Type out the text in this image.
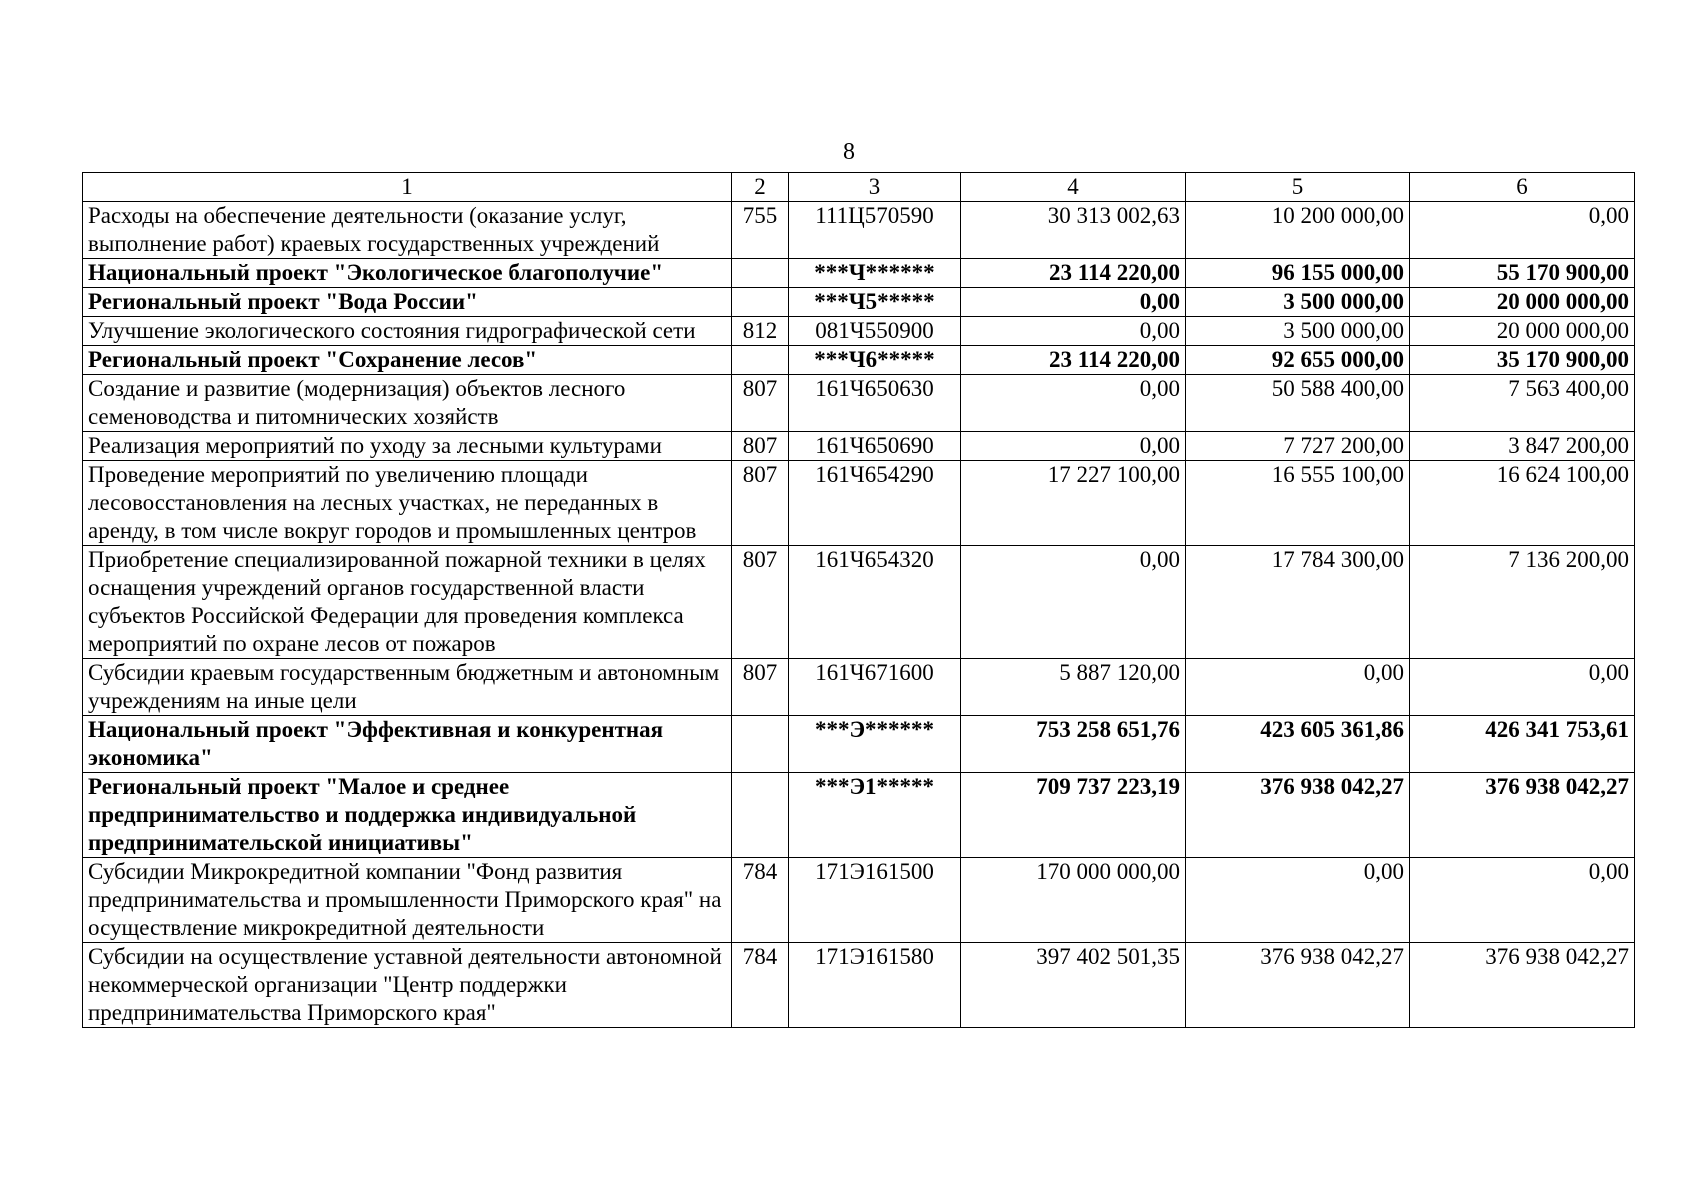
8
1	2	3	4	5	6
Расходы на обеспечение деятельности (оказание услуг, выполнение работ) краевых государственных учреждений	755	111Ц570590	30 313 002,63	10 200 000,00	0,00
Национальный проект "Экологическое благополучие"		***Ч******	23 114 220,00	96 155 000,00	55 170 900,00
Региональный проект "Вода России"		***Ч5*****	0,00	3 500 000,00	20 000 000,00
Улучшение экологического состояния гидрографической сети	812	081Ч550900	0,00	3 500 000,00	20 000 000,00
Региональный проект "Сохранение лесов"		***Ч6*****	23 114 220,00	92 655 000,00	35 170 900,00
Создание и развитие (модернизация) объектов лесного семеноводства и питомнических хозяйств	807	161Ч650630	0,00	50 588 400,00	7 563 400,00
Реализация мероприятий по уходу за лесными культурами	807	161Ч650690	0,00	7 727 200,00	3 847 200,00
Проведение мероприятий по увеличению площади лесовосстановления на лесных участках, не переданных в аренду, в том числе вокруг городов и промышленных центров	807	161Ч654290	17 227 100,00	16 555 100,00	16 624 100,00
Приобретение специализированной пожарной техники в целях оснащения учреждений органов государственной власти субъектов Российской Федерации для проведения комплекса мероприятий по охране лесов от пожаров	807	161Ч654320	0,00	17 784 300,00	7 136 200,00
Субсидии краевым государственным бюджетным и автономным учреждениям на иные цели	807	161Ч671600	5 887 120,00	0,00	0,00
Национальный проект "Эффективная и конкурентная экономика"		***Э******	753 258 651,76	423 605 361,86	426 341 753,61
Региональный проект "Малое и среднее предпринимательство и поддержка индивидуальной предпринимательской инициативы"		***Э1*****	709 737 223,19	376 938 042,27	376 938 042,27
Субсидии Микрокредитной компании "Фонд развития предпринимательства и промышленности Приморского края" на осуществление микрокредитной деятельности	784	171Э161500	170 000 000,00	0,00	0,00
Субсидии на осуществление уставной деятельности автономной некоммерческой организации "Центр поддержки предпринимательства Приморского края"	784	171Э161580	397 402 501,35	376 938 042,27	376 938 042,27
